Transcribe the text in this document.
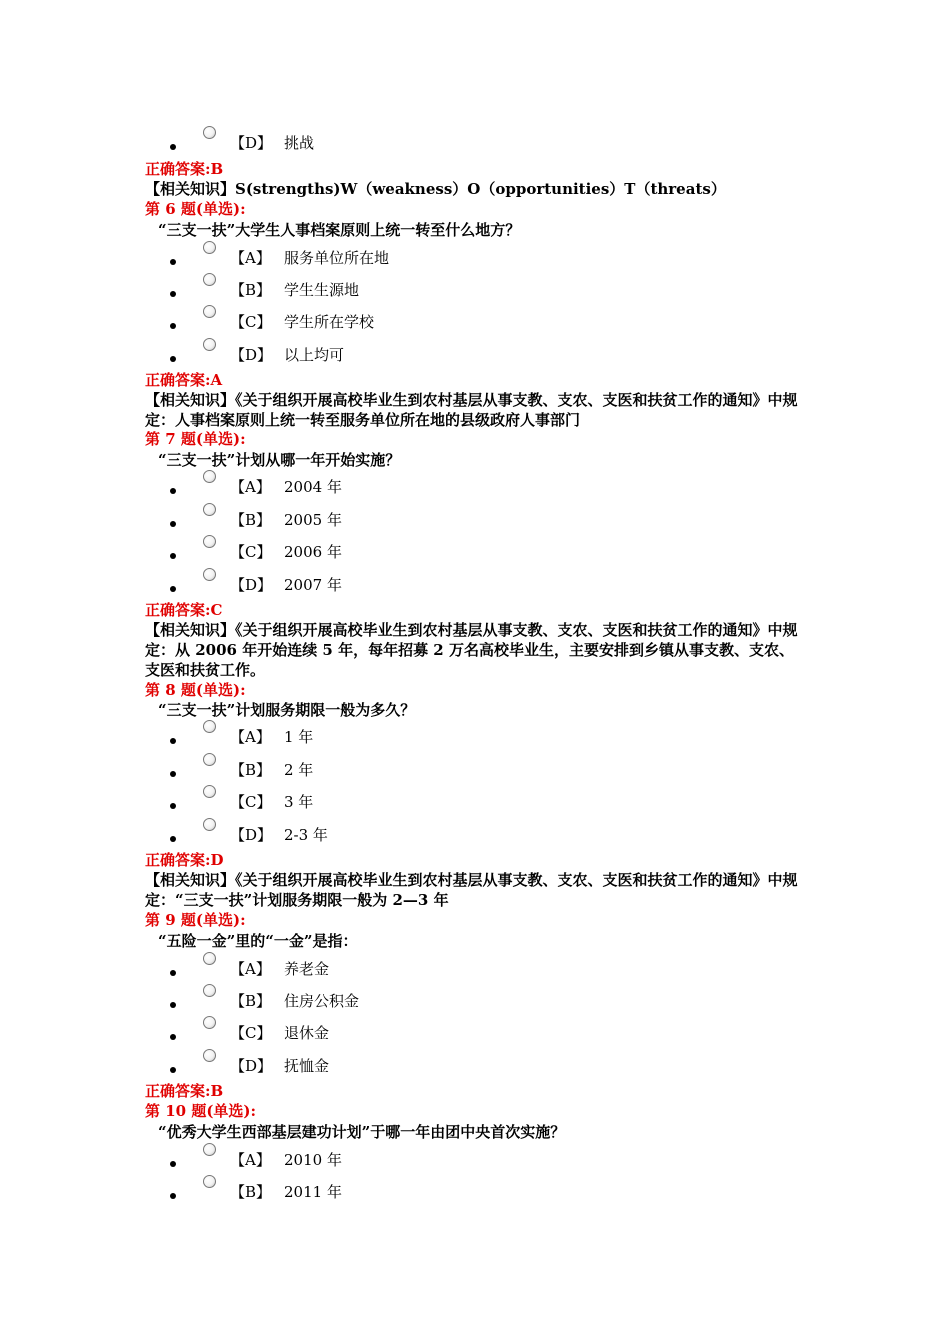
【D】 挑战
正确答案:B
【相关知识】S(strengths)W（weakness）O（opportunities）T（threats）
第 6 题(单选):
“三支一扶”大学生人事档案原则上统一转至什么地方？
【A】 服务单位所在地
【B】 学生生源地
【C】 学生所在学校
【D】 以上均可
正确答案:A
【相关知识】《关于组织开展高校毕业生到农村基层从事支教、支农、支医和扶贫工作的通知》中规定：人事档案原则上统一转至服务单位所在地的县级政府人事部门
第 7 题(单选):
“三支一扶”计划从哪一年开始实施？
【A】 2004 年
【B】 2005 年
【C】 2006 年
【D】 2007 年
正确答案:C
【相关知识】《关于组织开展高校毕业生到农村基层从事支教、支农、支医和扶贫工作的通知》中规定：从 2006 年开始连续 5 年，每年招募 2 万名高校毕业生，主要安排到乡镇从事支教、支农、支医和扶贫工作。
第 8 题(单选):
“三支一扶”计划服务期限一般为多久？
【A】 1 年
【B】 2 年
【C】 3 年
【D】 2-3 年
正确答案:D
【相关知识】《关于组织开展高校毕业生到农村基层从事支教、支农、支医和扶贫工作的通知》中规定：“三支一扶”计划服务期限一般为 2—3 年
第 9 题(单选):
“五险一金”里的“一金”是指：
【A】 养老金
【B】 住房公积金
【C】 退休金
【D】 抚恤金
正确答案:B
第 10 题(单选):
“优秀大学生西部基层建功计划”于哪一年由团中央首次实施？
【A】 2010 年
【B】 2011 年
